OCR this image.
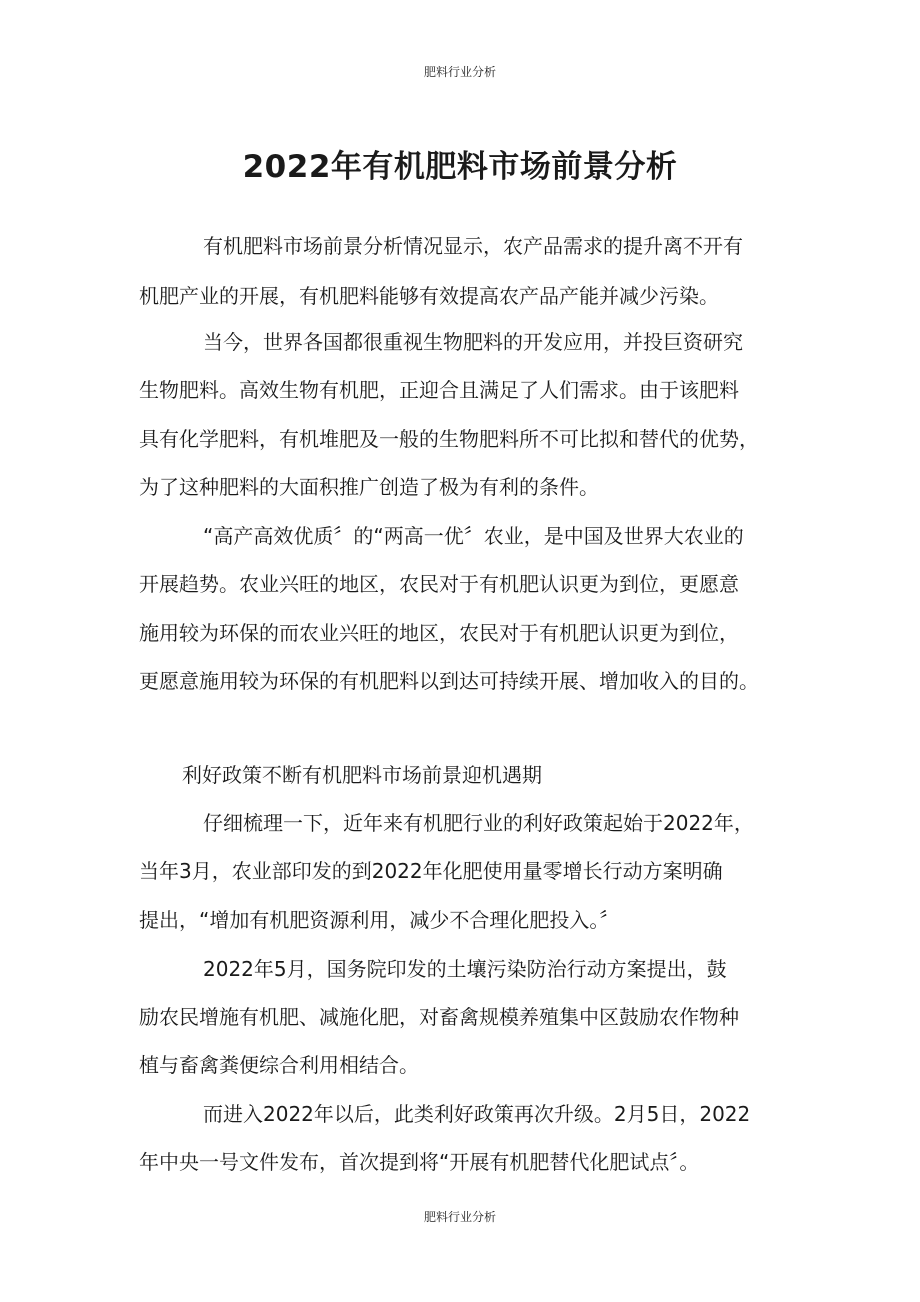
肥料行业分析
2022年有机肥料市场前景分析
有机肥料市场前景分析情况显示，农产品需求的提升离不开有
机肥产业的开展，有机肥料能够有效提高农产品产能并减少污染。
当今，世界各国都很重视生物肥料的开发应用，并投巨资研究
生物肥料。高效生物有机肥，正迎合且满足了人们需求。由于该肥料
具有化学肥料，有机堆肥及一般的生物肥料所不可比拟和替代的优势，
为了这种肥料的大面积推广创造了极为有利的条件。
“高产高效优质〞的“两高一优〞农业，是中国及世界大农业的
开展趋势。农业兴旺的地区，农民对于有机肥认识更为到位，更愿意
施用较为环保的而农业兴旺的地区，农民对于有机肥认识更为到位，
更愿意施用较为环保的有机肥料以到达可持续开展、增加收入的目的。
利好政策不断有机肥料市场前景迎机遇期
仔细梳理一下，近年来有机肥行业的利好政策起始于2022年，
当年3月，农业部印发的到2022年化肥使用量零增长行动方案明确
提出，“增加有机肥资源利用，减少不合理化肥投入。〞
2022年5月，国务院印发的土壤污染防治行动方案提出，鼓
励农民增施有机肥、减施化肥，对畜禽规模养殖集中区鼓励农作物种
植与畜禽粪便综合利用相结合。
而进入2022年以后，此类利好政策再次升级。2月5日，2022
年中央一号文件发布，首次提到将“开展有机肥替代化肥试点〞。
肥料行业分析
